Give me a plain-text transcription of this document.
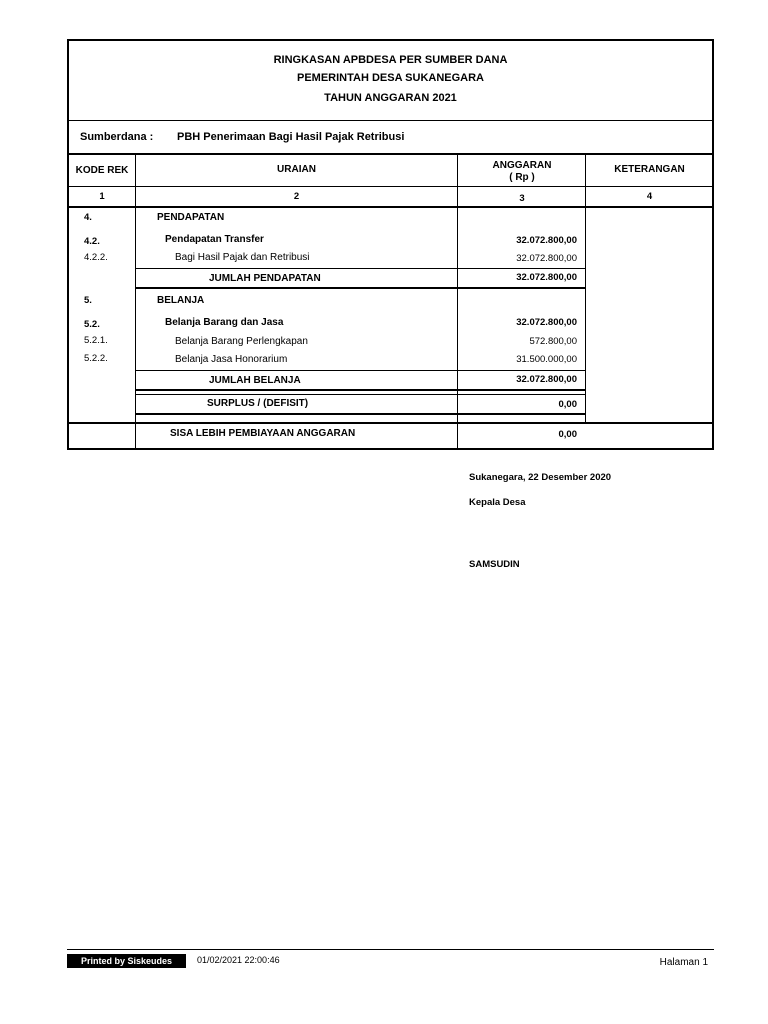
RINGKASAN APBDESA PER SUMBER DANA
PEMERINTAH DESA SUKANEGARA
TAHUN ANGGARAN 2021
Sumberdana : PBH Penerimaan Bagi Hasil Pajak Retribusi
KODE REK	URAIAN	ANGGARAN
( Rp )
KETERANGAN
1	2	3	4
4.	PENDAPATAN
4.2.	Pendapatan Transfer	32.072.800,00
4.2.2.	Bagi Hasil Pajak dan Retribusi	32.072.800,00
JUMLAH PENDAPATAN	32.072.800,00
5.	BELANJA
5.2.	Belanja Barang dan Jasa	32.072.800,00
5.2.1.	Belanja Barang Perlengkapan	572.800,00
5.2.2.	Belanja Jasa Honorarium	31.500.000,00
JUMLAH BELANJA	32.072.800,00
SURPLUS / (DEFISIT)	0,00
SISA LEBIH PEMBIAYAAN ANGGARAN	0,00
Sukanegara, 22 Desember 2020
Kepala Desa
SAMSUDIN
Printed by Siskeudes	01/02/2021 22:00:46	Halaman 1
